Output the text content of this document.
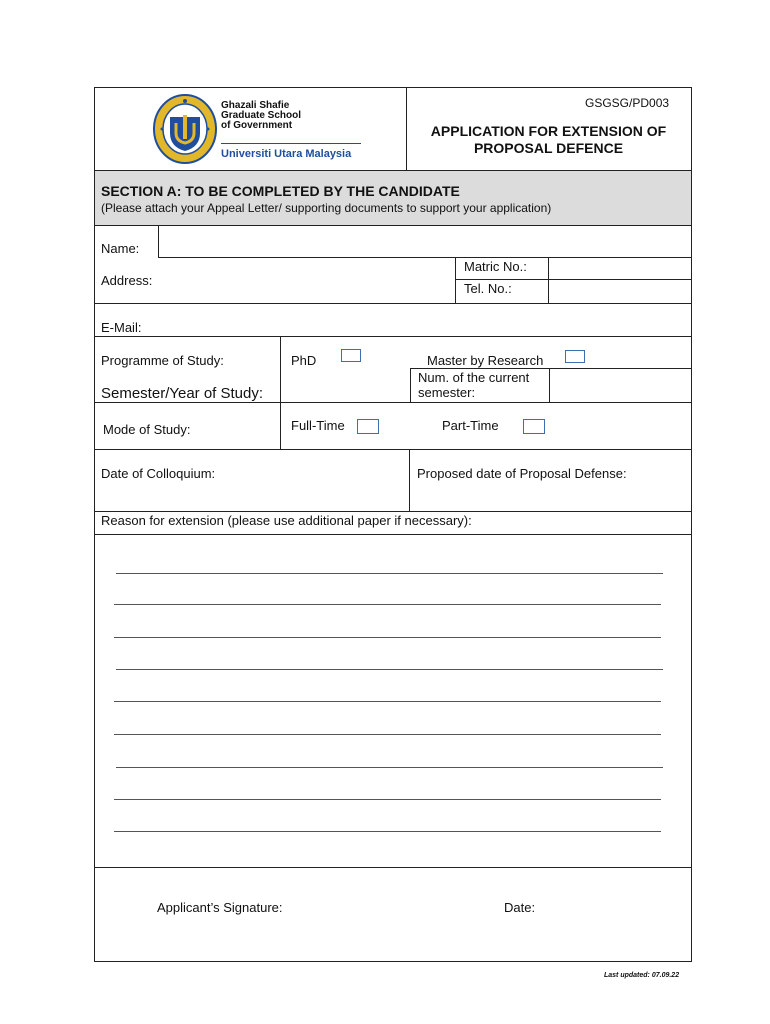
Ghazali Shafie
Graduate School
of Government
Universiti Utara Malaysia
GSGSG/PD003
APPLICATION FOR EXTENSION OF
PROPOSAL DEFENCE
SECTION A: TO BE COMPLETED BY THE CANDIDATE
(Please attach your Appeal Letter/ supporting documents to support your application)
Name:
Address:
Matric No.:
Tel. No.:
E-Mail:
Programme of Study:	PhD	Master by Research
Semester/Year of Study:
Num. of the current
semester:
Mode of Study:	Full-Time	Part-Time
Date of Colloquium:	Proposed date of Proposal Defense:
Reason for extension (please use additional paper if necessary):
Applicant’s Signature:	Date:
Last updated: 07.09.22
